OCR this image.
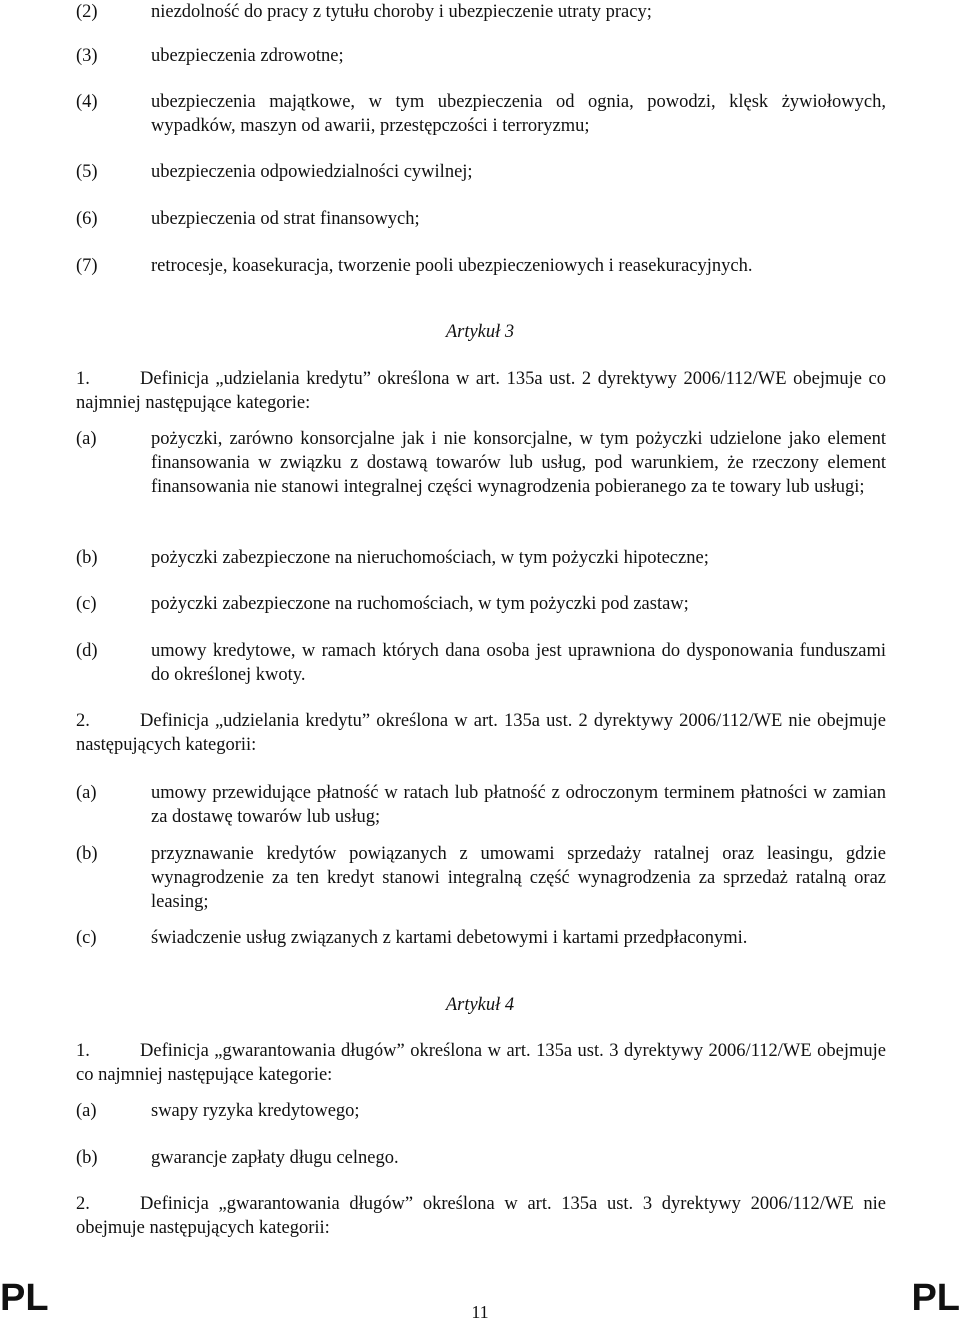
(2)	niezdolność do pracy z tytułu choroby i ubezpieczenie utraty pracy;
(3)	ubezpieczenia zdrowotne;
(4)	ubezpieczenia majątkowe, w tym ubezpieczenia od ognia, powodzi, klęsk żywiołowych, wypadków, maszyn od awarii, przestępczości i terroryzmu;
(5)	ubezpieczenia odpowiedzialności cywilnej;
(6)	ubezpieczenia od strat finansowych;
(7)	retrocesje, koasekuracja, tworzenie pooli ubezpieczeniowych i reasekuracyjnych.
Artykuł 3
1.	Definicja „udzielania kredytu” określona w art. 135a ust. 2 dyrektywy 2006/112/WE obejmuje co najmniej następujące kategorie:
(a)	pożyczki, zarówno konsorcjalne jak i nie konsorcjalne, w tym pożyczki udzielone jako element finansowania w związku z dostawą towarów lub usług, pod warunkiem, że rzeczony element finansowania nie stanowi integralnej części wynagrodzenia pobieranego za te towary lub usługi;
(b)	pożyczki zabezpieczone na nieruchomościach, w tym pożyczki hipoteczne;
(c)	pożyczki zabezpieczone na ruchomościach, w tym pożyczki pod zastaw;
(d)	umowy kredytowe, w ramach których dana osoba jest uprawniona do dysponowania funduszami do określonej kwoty.
2.	Definicja „udzielania kredytu” określona w art. 135a ust. 2 dyrektywy 2006/112/WE nie obejmuje następujących kategorii:
(a)	umowy przewidujące płatność w ratach lub płatność z odroczonym terminem płatności w zamian za dostawę towarów lub usług;
(b)	przyznawanie kredytów powiązanych z umowami sprzedaży ratalnej oraz leasingu, gdzie wynagrodzenie za ten kredyt stanowi integralną część wynagrodzenia za sprzedaż ratalną oraz leasing;
(c)	świadczenie usług związanych z kartami debetowymi i kartami przedpłaconymi.
Artykuł 4
1.	Definicja „gwarantowania długów” określona w art. 135a ust. 3 dyrektywy 2006/112/WE obejmuje co najmniej następujące kategorie:
(a)	swapy ryzyka kredytowego;
(b)	gwarancje zapłaty długu celnego.
2.	Definicja „gwarantowania długów” określona w art. 135a ust. 3 dyrektywy 2006/112/WE nie obejmuje następujących kategorii:
PL	11	PL
